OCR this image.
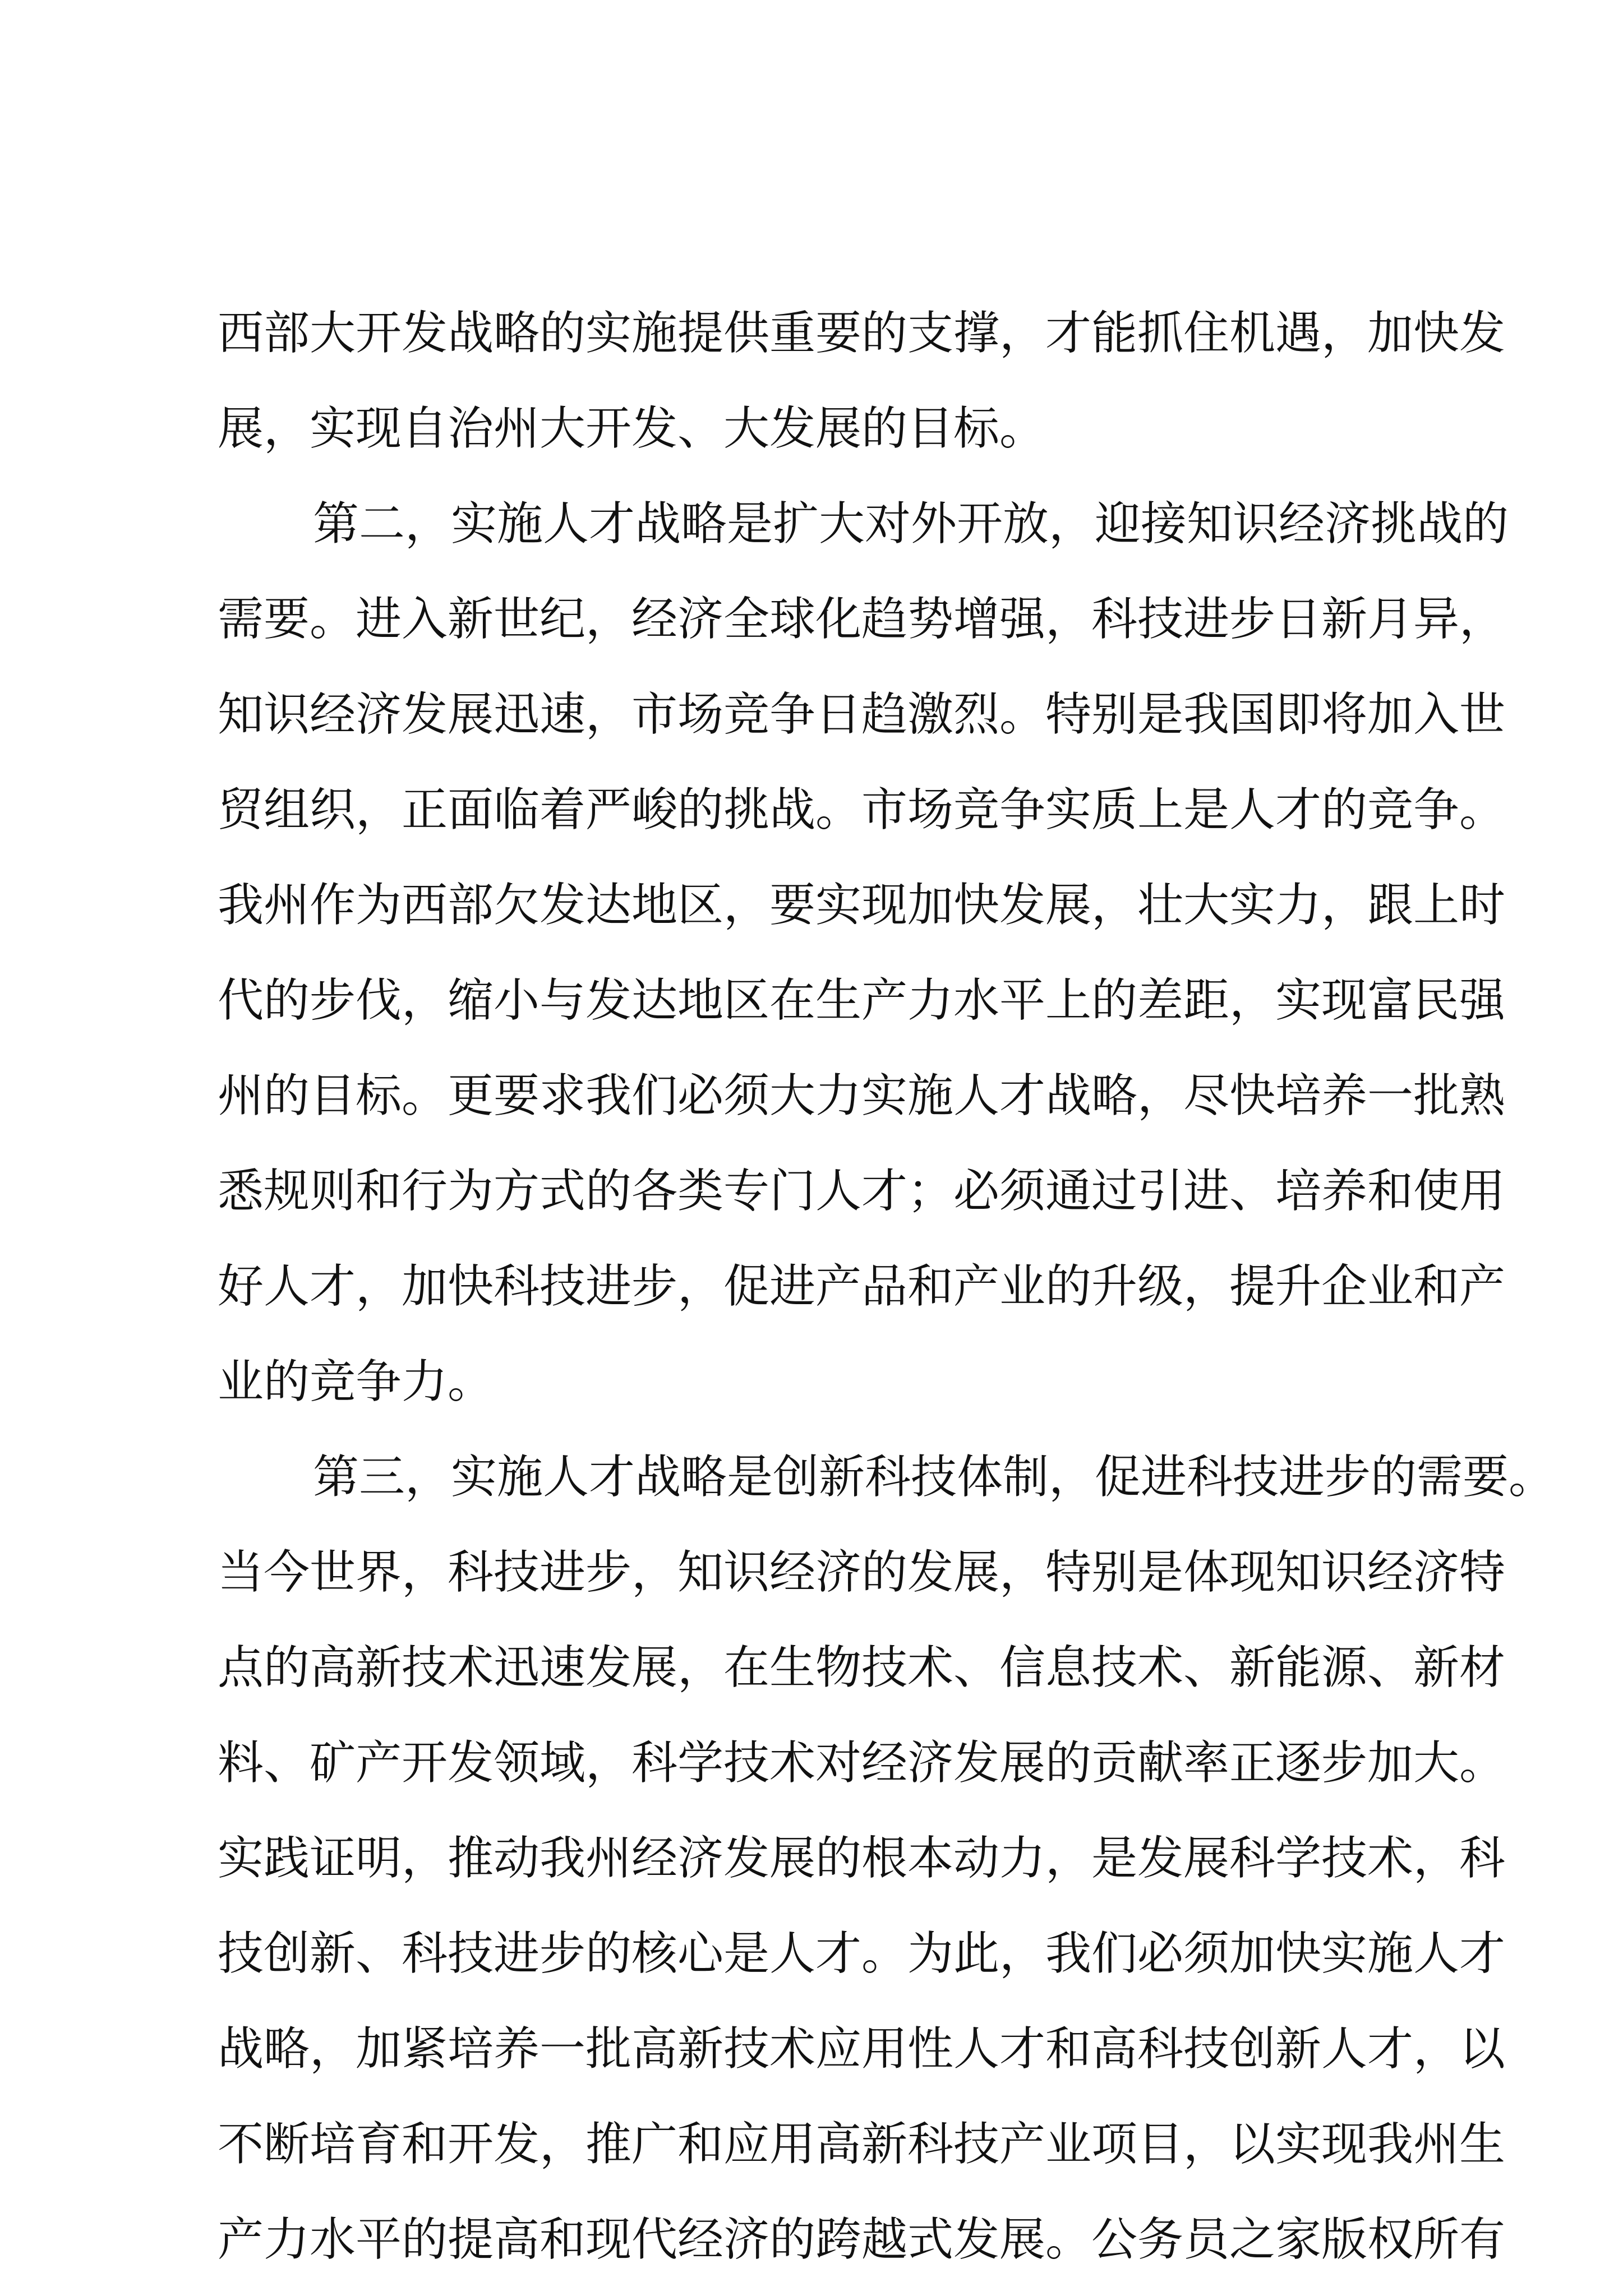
西部大开发战略的实施提供重要的支撑，才能抓住机遇，加快发
展，实现自治州大开发、大发展的目标。
第二，实施人才战略是扩大对外开放，迎接知识经济挑战的
需要。进入新世纪，经济全球化趋势增强，科技进步日新月异，
知识经济发展迅速，市场竞争日趋激烈。特别是我国即将加入世
贸组织，正面临着严峻的挑战。市场竞争实质上是人才的竞争。
我州作为西部欠发达地区，要实现加快发展，壮大实力，跟上时
代的步伐，缩小与发达地区在生产力水平上的差距，实现富民强
州的目标。更要求我们必须大力实施人才战略，尽快培养一批熟
悉规则和行为方式的各类专门人才；必须通过引进、培养和使用
好人才，加快科技进步，促进产品和产业的升级，提升企业和产
业的竞争力。
第三，实施人才战略是创新科技体制，促进科技进步的需要。
当今世界，科技进步，知识经济的发展，特别是体现知识经济特
点的高新技术迅速发展，在生物技术、信息技术、新能源、新材
料、矿产开发领域，科学技术对经济发展的贡献率正逐步加大。
实践证明，推动我州经济发展的根本动力，是发展科学技术，科
技创新、科技进步的核心是人才。为此，我们必须加快实施人才
战略，加紧培养一批高新技术应用性人才和高科技创新人才，以
不断培育和开发，推广和应用高新科技产业项目，以实现我州生
产力水平的提高和现代经济的跨越式发展。公务员之家版权所有
